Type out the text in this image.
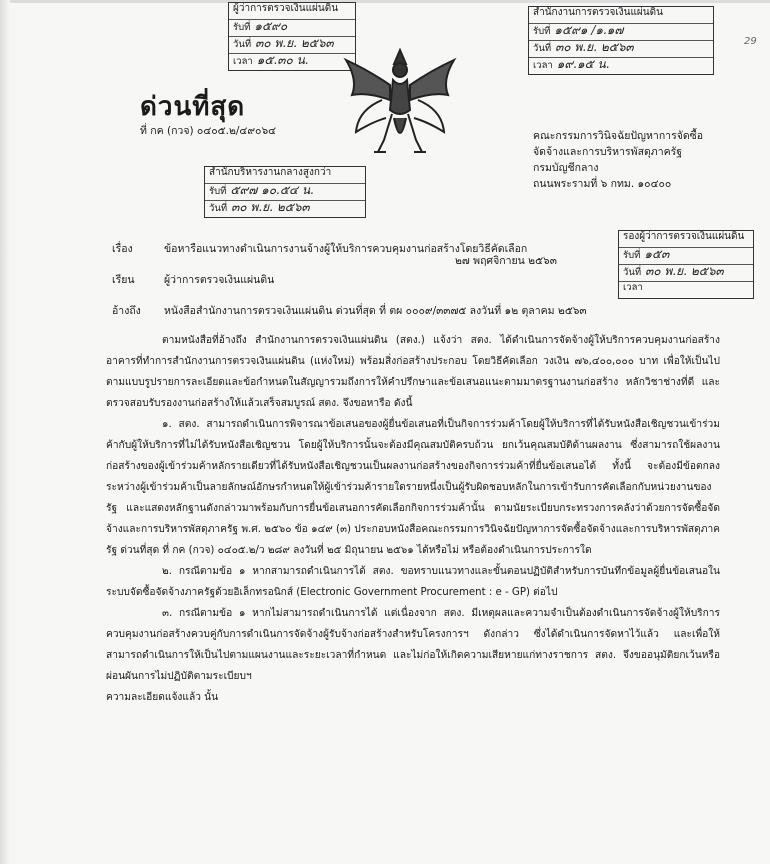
ผู้ว่าการตรวจเงินแผ่นดิน
รับที่ ๑๕๙๐
วันที่ ๓๐ พ.ย. ๒๕๖๓
เวลา ๑๕.๓๐ น.
สำนักงานการตรวจเงินแผ่นดิน
รับที่ ๑๕๙๑ /๑.๑๗
วันที่ ๓๐ พ.ย. ๒๕๖๓
เวลา ๑๙.๑๕ น.
29
ด่วนที่สุด
ที่ กค (กวจ) ๐๔๐๕.๒/๔๙๐๖๔	คณะกรรมการวินิจฉัยปัญหาการจัดซื้อ
จัดจ้างและการบริหารพัสดุภาครัฐ
กรมบัญชีกลาง
ถนนพระรามที่ ๖ กทม. ๑๐๔๐๐
สำนักบริหารงานกลางสูงกว่า
รับที่ ๕๙๗ ๑๐.๕๔ น.
วันที่ ๓๐ พ.ย. ๒๕๖๓
๒๗ พฤศจิกายน ๒๕๖๓
รองผู้ว่าการตรวจเงินแผ่นดิน
รับที่ ๑๕๓
วันที่ ๓๐ พ.ย. ๒๕๖๓
เวลา
เรื่อง	ข้อหารือแนวทางดำเนินการงานจ้างผู้ให้บริการควบคุมงานก่อสร้างโดยวิธีคัดเลือก
เรียน	ผู้ว่าการตรวจเงินแผ่นดิน
อ้างถึง	หนังสือสำนักงานการตรวจเงินแผ่นดิน ด่วนที่สุด ที่ ตผ ๐๐๐๙/๓๓๗๕ ลงวันที่ ๑๒ ตุลาคม ๒๕๖๓

ตามหนังสือที่อ้างถึง สำนักงานการตรวจเงินแผ่นดิน (สตง.) แจ้งว่า สตง. ได้ดำเนินการจัดจ้างผู้ให้บริการควบคุมงานก่อสร้างอาคารที่ทำการสำนักงานการตรวจเงินแผ่นดิน (แห่งใหม่) พร้อมสิ่งก่อสร้างประกอบ โดยวิธีคัดเลือก วงเงิน ๗๖,๔๐๐,๐๐๐ บาท เพื่อให้เป็นไปตามแบบรูปรายการละเอียดและข้อกำหนดในสัญญารวมถึงการให้คำปรึกษาและข้อเสนอแนะตามมาตรฐานงานก่อสร้าง หลักวิชาช่างที่ดี และตรวจสอบรับรองงานก่อสร้างให้แล้วเสร็จสมบูรณ์ สตง. จึงขอหารือ ดังนี้

๑. สตง. สามารถดำเนินการพิจารณาข้อเสนอของผู้ยื่นข้อเสนอที่เป็นกิจการร่วมค้าโดยผู้ให้บริการที่ได้รับหนังสือเชิญชวนเข้าร่วมค้ากับผู้ให้บริการที่ไม่ได้รับหนังสือเชิญชวน โดยผู้ให้บริการนั้นจะต้องมีคุณสมบัติครบถ้วน ยกเว้นคุณสมบัติด้านผลงาน ซึ่งสามารถใช้ผลงานก่อสร้างของผู้เข้าร่วมค้าหลักรายเดียวที่ได้รับหนังสือเชิญชวนเป็นผลงานก่อสร้างของกิจการร่วมค้าที่ยื่นข้อเสนอได้ ทั้งนี้ จะต้องมีข้อตกลงระหว่างผู้เข้าร่วมค้าเป็นลายลักษณ์อักษรกำหนดให้ผู้เข้าร่วมค้ารายใดรายหนึ่งเป็นผู้รับผิดชอบหลักในการเข้ารับการคัดเลือกกับหน่วยงานของรัฐ และแสดงหลักฐานดังกล่าวมาพร้อมกับการยื่นข้อเสนอการคัดเลือกกิจการร่วมค้านั้น ตามนัยระเบียบกระทรวงการคลังว่าด้วยการจัดซื้อจัดจ้างและการบริหารพัสดุภาครัฐ พ.ศ. ๒๕๖๐ ข้อ ๑๔๙ (๓) ประกอบหนังสือคณะกรรมการวินิจฉัยปัญหาการจัดซื้อจัดจ้างและการบริหารพัสดุภาครัฐ ด่วนที่สุด ที่ กค (กวจ) ๐๔๐๕.๒/ว ๒๘๙ ลงวันที่ ๒๕ มิถุนายน ๒๕๖๑ ได้หรือไม่ หรือต้องดำเนินการประการใด

๒. กรณีตามข้อ ๑ หากสามารถดำเนินการได้ สตง. ขอทราบแนวทางและขั้นตอนปฏิบัติสำหรับการบันทึกข้อมูลผู้ยื่นข้อเสนอในระบบจัดซื้อจัดจ้างภาครัฐด้วยอิเล็กทรอนิกส์ (Electronic Government Procurement : e - GP) ต่อไป

๓. กรณีตามข้อ ๑ หากไม่สามารถดำเนินการได้ แต่เนื่องจาก สตง. มีเหตุผลและความจำเป็นต้องดำเนินการจัดจ้างผู้ให้บริการควบคุมงานก่อสร้างควบคู่กับการดำเนินการจัดจ้างผู้รับจ้างก่อสร้างสำหรับโครงการฯ ดังกล่าว ซึ่งได้ดำเนินการจัดหาไว้แล้ว และเพื่อให้สามารถดำเนินการให้เป็นไปตามแผนงานและระยะเวลาที่กำหนด และไม่ก่อให้เกิดความเสียหายแก่ทางราชการ สตง. จึงขออนุมัติยกเว้นหรือผ่อนผันการไม่ปฏิบัติตามระเบียบฯ

ความละเอียดแจ้งแล้ว นั้น
